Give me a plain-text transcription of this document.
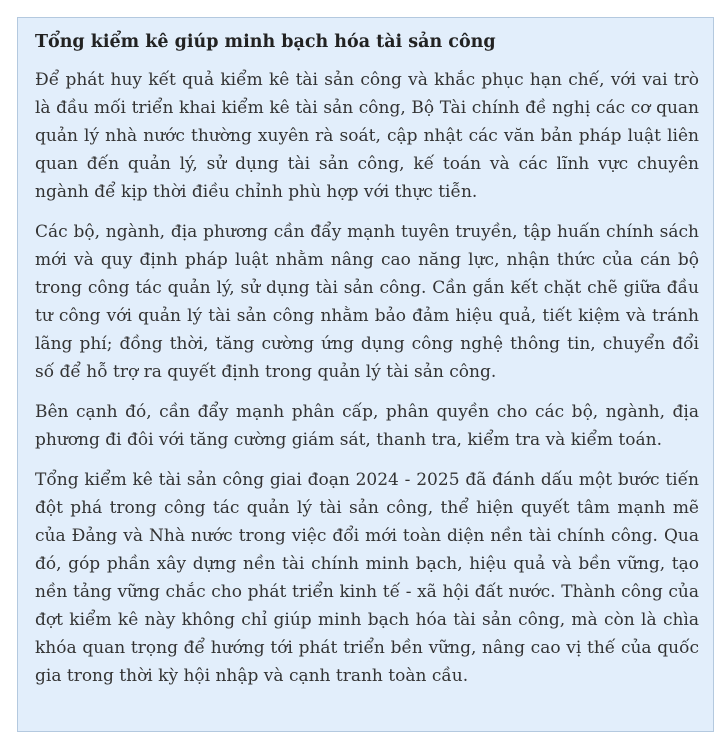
Tổng kiểm kê giúp minh bạch hóa tài sản công

Để phát huy kết quả kiểm kê tài sản công và khắc phục hạn chế, với vai trò là đầu mối triển khai kiểm kê tài sản công, Bộ Tài chính đề nghị các cơ quan quản lý nhà nước thường xuyên rà soát, cập nhật các văn bản pháp luật liên quan đến quản lý, sử dụng tài sản công, kế toán và các lĩnh vực chuyên ngành để kịp thời điều chỉnh phù hợp với thực tiễn.

Các bộ, ngành, địa phương cần đẩy mạnh tuyên truyền, tập huấn chính sách mới và quy định pháp luật nhằm nâng cao năng lực, nhận thức của cán bộ trong công tác quản lý, sử dụng tài sản công. Cần gắn kết chặt chẽ giữa đầu tư công với quản lý tài sản công nhằm bảo đảm hiệu quả, tiết kiệm và tránh lãng phí; đồng thời, tăng cường ứng dụng công nghệ thông tin, chuyển đổi số để hỗ trợ ra quyết định trong quản lý tài sản công.

Bên cạnh đó, cần đẩy mạnh phân cấp, phân quyền cho các bộ, ngành, địa phương đi đôi với tăng cường giám sát, thanh tra, kiểm tra và kiểm toán.

Tổng kiểm kê tài sản công giai đoạn 2024 - 2025 đã đánh dấu một bước tiến đột phá trong công tác quản lý tài sản công, thể hiện quyết tâm mạnh mẽ của Đảng và Nhà nước trong việc đổi mới toàn diện nền tài chính công. Qua đó, góp phần xây dựng nền tài chính minh bạch, hiệu quả và bền vững, tạo nền tảng vững chắc cho phát triển kinh tế - xã hội đất nước. Thành công của đợt kiểm kê này không chỉ giúp minh bạch hóa tài sản công, mà còn là chìa khóa quan trọng để hướng tới phát triển bền vững, nâng cao vị thế của quốc gia trong thời kỳ hội nhập và cạnh tranh toàn cầu.
